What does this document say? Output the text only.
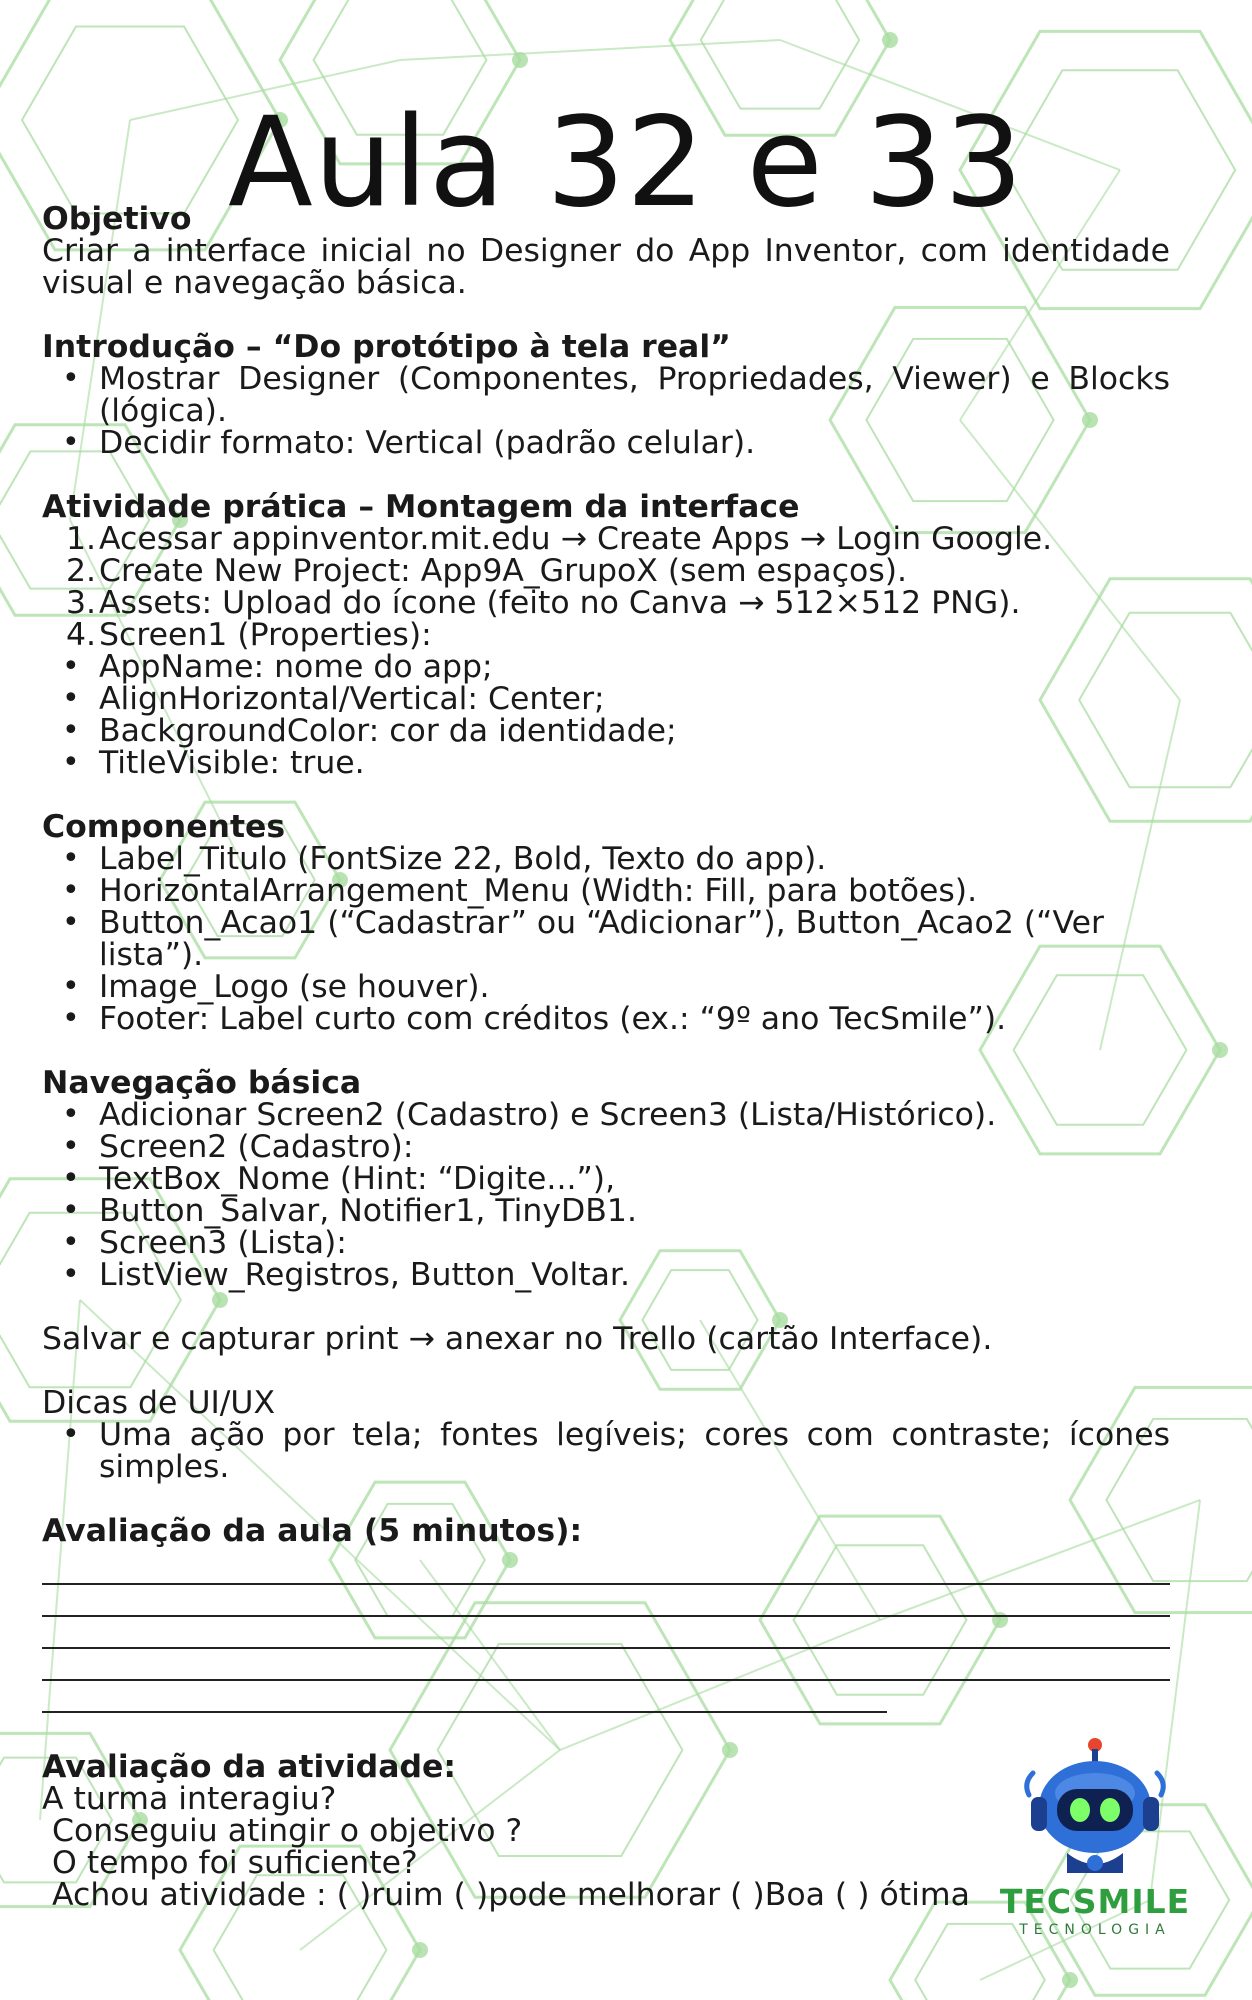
Aula 32 e 33

Objetivo

Criar a interface inicial no Designer do App Inventor, com identidade visual e navegação básica.

Introdução – “Do protótipo à tela real”

• Mostrar Designer (Componentes, Propriedades, Viewer) e Blocks (lógica).
• Decidir formato: Vertical (padrão celular).

Atividade prática – Montagem da interface

1. Acessar appinventor.mit.edu → Create Apps → Login Google.
2. Create New Project: App9A_GrupoX (sem espaços).
3. Assets: Upload do ícone (feito no Canva → 512×512 PNG).
4. Screen1 (Properties):
• AppName: nome do app;
• AlignHorizontal/Vertical: Center;
• BackgroundColor: cor da identidade;
• TitleVisible: true.

Componentes

• Label_Titulo (FontSize 22, Bold, Texto do app).
• HorizontalArrangement_Menu (Width: Fill, para botões).
• Button_Acao1 (“Cadastrar” ou “Adicionar”), Button_Acao2 (“Ver lista”).
• Image_Logo (se houver).
• Footer: Label curto com créditos (ex.: “9º ano TecSmile”).

Navegação básica

• Adicionar Screen2 (Cadastro) e Screen3 (Lista/Histórico).
• Screen2 (Cadastro):
• TextBox_Nome (Hint: “Digite...”),
• Button_Salvar, Notifier1, TinyDB1.
• Screen3 (Lista):
• ListView_Registros, Button_Voltar.

Salvar e capturar print → anexar no Trello (cartão Interface).

Dicas de UI/UX

• Uma ação por tela; fontes legíveis; cores com contraste; ícones simples.

Avaliação da aula (5 minutos):

Avaliação da atividade:

A turma interagiu?

Conseguiu atingir o objetivo ?

O tempo foi suficiente?

Achou atividade : ( )ruim ( )pode melhorar ( )Boa ( ) ótima TECSMILE
TECNOLOGIA
